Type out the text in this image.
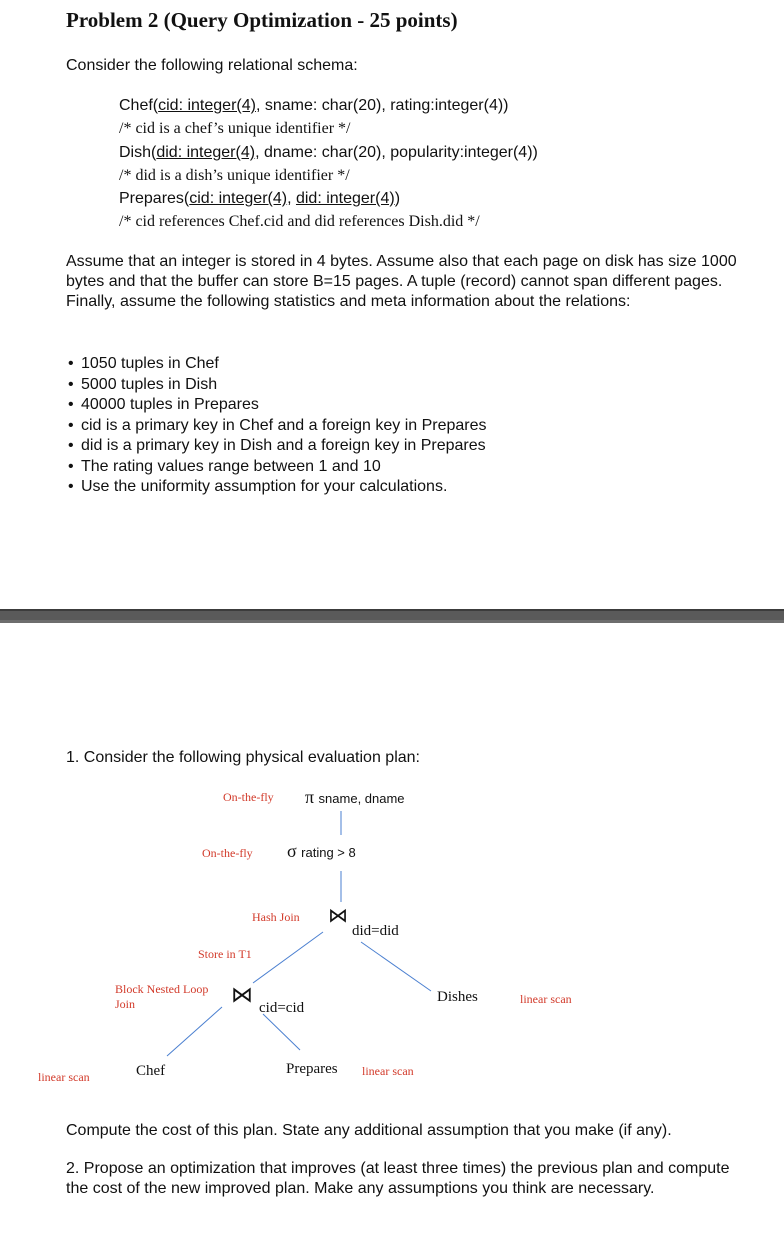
Problem 2 (Query Optimization - 25 points)
Consider the following relational schema:
Chef(cid: integer(4), sname: char(20), rating:integer(4))
/* cid is a chef’s unique identifier */
Dish(did: integer(4), dname: char(20), popularity:integer(4))
/* did is a dish’s unique identifier */
Prepares(cid: integer(4), did: integer(4))
/* cid references Chef.cid and did references Dish.did */
Assume that an integer is stored in 4 bytes. Assume also that each page on disk has size 1000 bytes and that the buffer can store B=15 pages. A tuple (record) cannot span different pages. Finally, assume the following statistics and meta information about the relations:
• 1050 tuples in Chef
• 5000 tuples in Dish
• 40000 tuples in Prepares
• cid is a primary key in Chef and a foreign key in Prepares
• did is a primary key in Dish and a foreign key in Prepares
• The rating values range between 1 and 10
• Use the uniformity assumption for your calculations.
1. Consider the following physical evaluation plan:
On-the-fly π sname, dname
On-the-fly σ rating > 8
Hash Join ⋈
did=did
Store in T1
Block Nested Loop
Join	⋈
cid=cid
Dishes	linear scan
linear scan	Chef	Prepares linear scan
Compute the cost of this plan. State any additional assumption that you make (if any).
2. Propose an optimization that improves (at least three times) the previous plan and compute the cost of the new improved plan. Make any assumptions you think are necessary.
